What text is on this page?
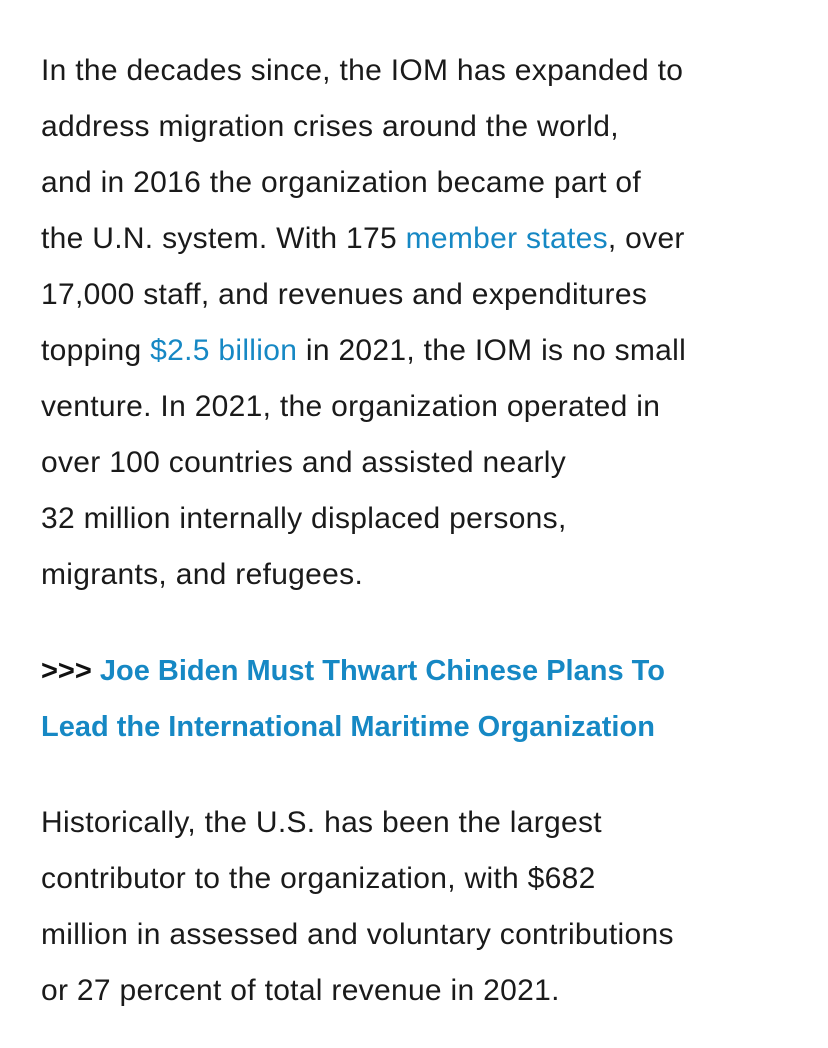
In the decades since, the IOM has expanded to
address migration crises around the world,
and in 2016 the organization became part of
the U.N. system. With 175 member states, over
17,000 staff, and revenues and expenditures
topping $2.5 billion in 2021, the IOM is no small
venture. In 2021, the organization operated in
over 100 countries and assisted nearly
32 million internally displaced persons,
migrants, and refugees.

>>> Joe Biden Must Thwart Chinese Plans To
Lead the International Maritime Organization

Historically, the U.S. has been the largest
contributor to the organization, with $682
million in assessed and voluntary contributions
or 27 percent of total revenue in 2021.
